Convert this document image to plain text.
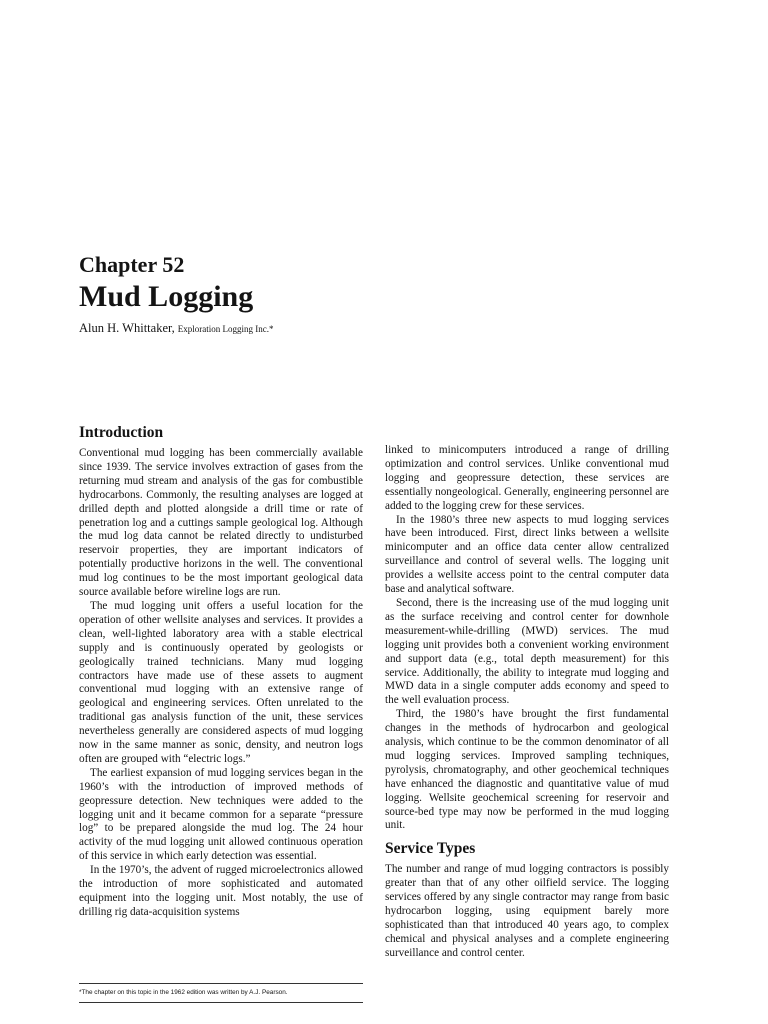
Chapter 52
Mud Logging
Alun H. Whittaker, Exploration Logging Inc.*
Introduction

Conventional mud logging has been commercially available since 1939. The service involves extraction of gases from the returning mud stream and analysis of the gas for combustible hydrocarbons. Commonly, the resulting analyses are logged at drilled depth and plotted alongside a drill time or rate of penetration log and a cuttings sample geological log. Although the mud log data cannot be related directly to undisturbed reservoir properties, they are important indicators of potentially productive horizons in the well. The conventional mud log continues to be the most important geological data source available before wireline logs are run.

The mud logging unit offers a useful location for the operation of other wellsite analyses and services. It provides a clean, well-lighted laboratory area with a stable electrical supply and is continuously operated by geologists or geologically trained technicians. Many mud logging contractors have made use of these assets to augment conventional mud logging with an extensive range of geological and engineering services. Often unrelated to the traditional gas analysis function of the unit, these services nevertheless generally are considered aspects of mud logging now in the same manner as sonic, density, and neutron logs often are grouped with “electric logs.”

The earliest expansion of mud logging services began in the 1960’s with the introduction of improved methods of geopressure detection. New techniques were added to the logging unit and it became common for a separate “pressure log” to be prepared alongside the mud log. The 24 hour activity of the mud logging unit allowed continuous operation of this service in which early detection was essential.

In the 1970’s, the advent of rugged microelectronics allowed the introduction of more sophisticated and automated equipment into the logging unit. Most notably, the use of drilling rig data-acquisition systems

linked to minicomputers introduced a range of drilling optimization and control services. Unlike conventional mud logging and geopressure detection, these services are essentially nongeological. Generally, engineering personnel are added to the logging crew for these services.

In the 1980’s three new aspects to mud logging services have been introduced. First, direct links between a wellsite minicomputer and an office data center allow centralized surveillance and control of several wells. The logging unit provides a wellsite access point to the central computer data base and analytical software.

Second, there is the increasing use of the mud logging unit as the surface receiving and control center for downhole measurement-while-drilling (MWD) services. The mud logging unit provides both a convenient working environment and support data (e.g., total depth measurement) for this service. Additionally, the ability to integrate mud logging and MWD data in a single computer adds economy and speed to the well evaluation process.

Third, the 1980’s have brought the first fundamental changes in the methods of hydrocarbon and geological analysis, which continue to be the common denominator of all mud logging services. Improved sampling techniques, pyrolysis, chromatography, and other geochemical techniques have enhanced the diagnostic and quantitative value of mud logging. Wellsite geochemical screening for reservoir and source-bed type may now be performed in the mud logging unit.

Service Types

The number and range of mud logging contractors is possibly greater than that of any other oilfield service. The logging services offered by any single contractor may range from basic hydrocarbon logging, using equipment barely more sophisticated than that introduced 40 years ago, to complex chemical and physical analyses and a complete engineering surveillance and control center.

*The chapter on this topic in the 1962 edition was written by A.J. Pearson.
